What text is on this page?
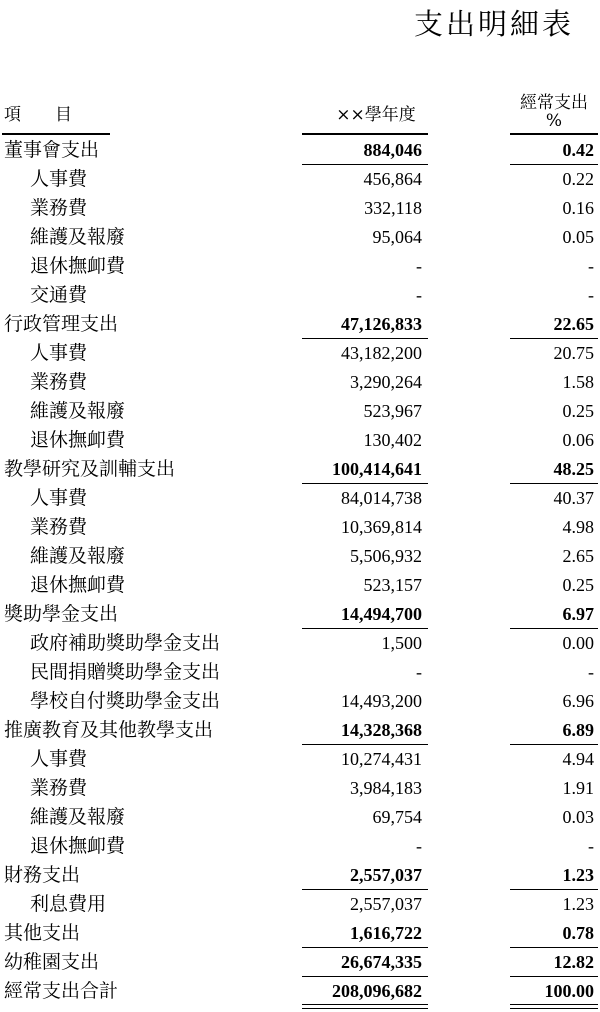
支出明細表
項　　目	××學年度
經常支出
%
董事會支出	884,046	0.42
人事費	456,864	0.22
業務費	332,118	0.16
維護及報廢	95,064	0.05
退休撫卹費	-	-
交通費	-	-
行政管理支出	47,126,833	22.65
人事費	43,182,200	20.75
業務費	3,290,264	1.58
維護及報廢	523,967	0.25
退休撫卹費	130,402	0.06
教學研究及訓輔支出	100,414,641	48.25
人事費	84,014,738	40.37
業務費	10,369,814	4.98
維護及報廢	5,506,932	2.65
退休撫卹費	523,157	0.25
獎助學金支出	14,494,700	6.97
政府補助獎助學金支出	1,500	0.00
民間捐贈獎助學金支出	-	-
學校自付獎助學金支出	14,493,200	6.96
推廣教育及其他教學支出	14,328,368	6.89
人事費	10,274,431	4.94
業務費	3,984,183	1.91
維護及報廢	69,754	0.03
退休撫卹費	-	-
財務支出	2,557,037	1.23
利息費用	2,557,037	1.23
其他支出	1,616,722	0.78
幼稚園支出	26,674,335	12.82
經常支出合計	208,096,682	100.00
